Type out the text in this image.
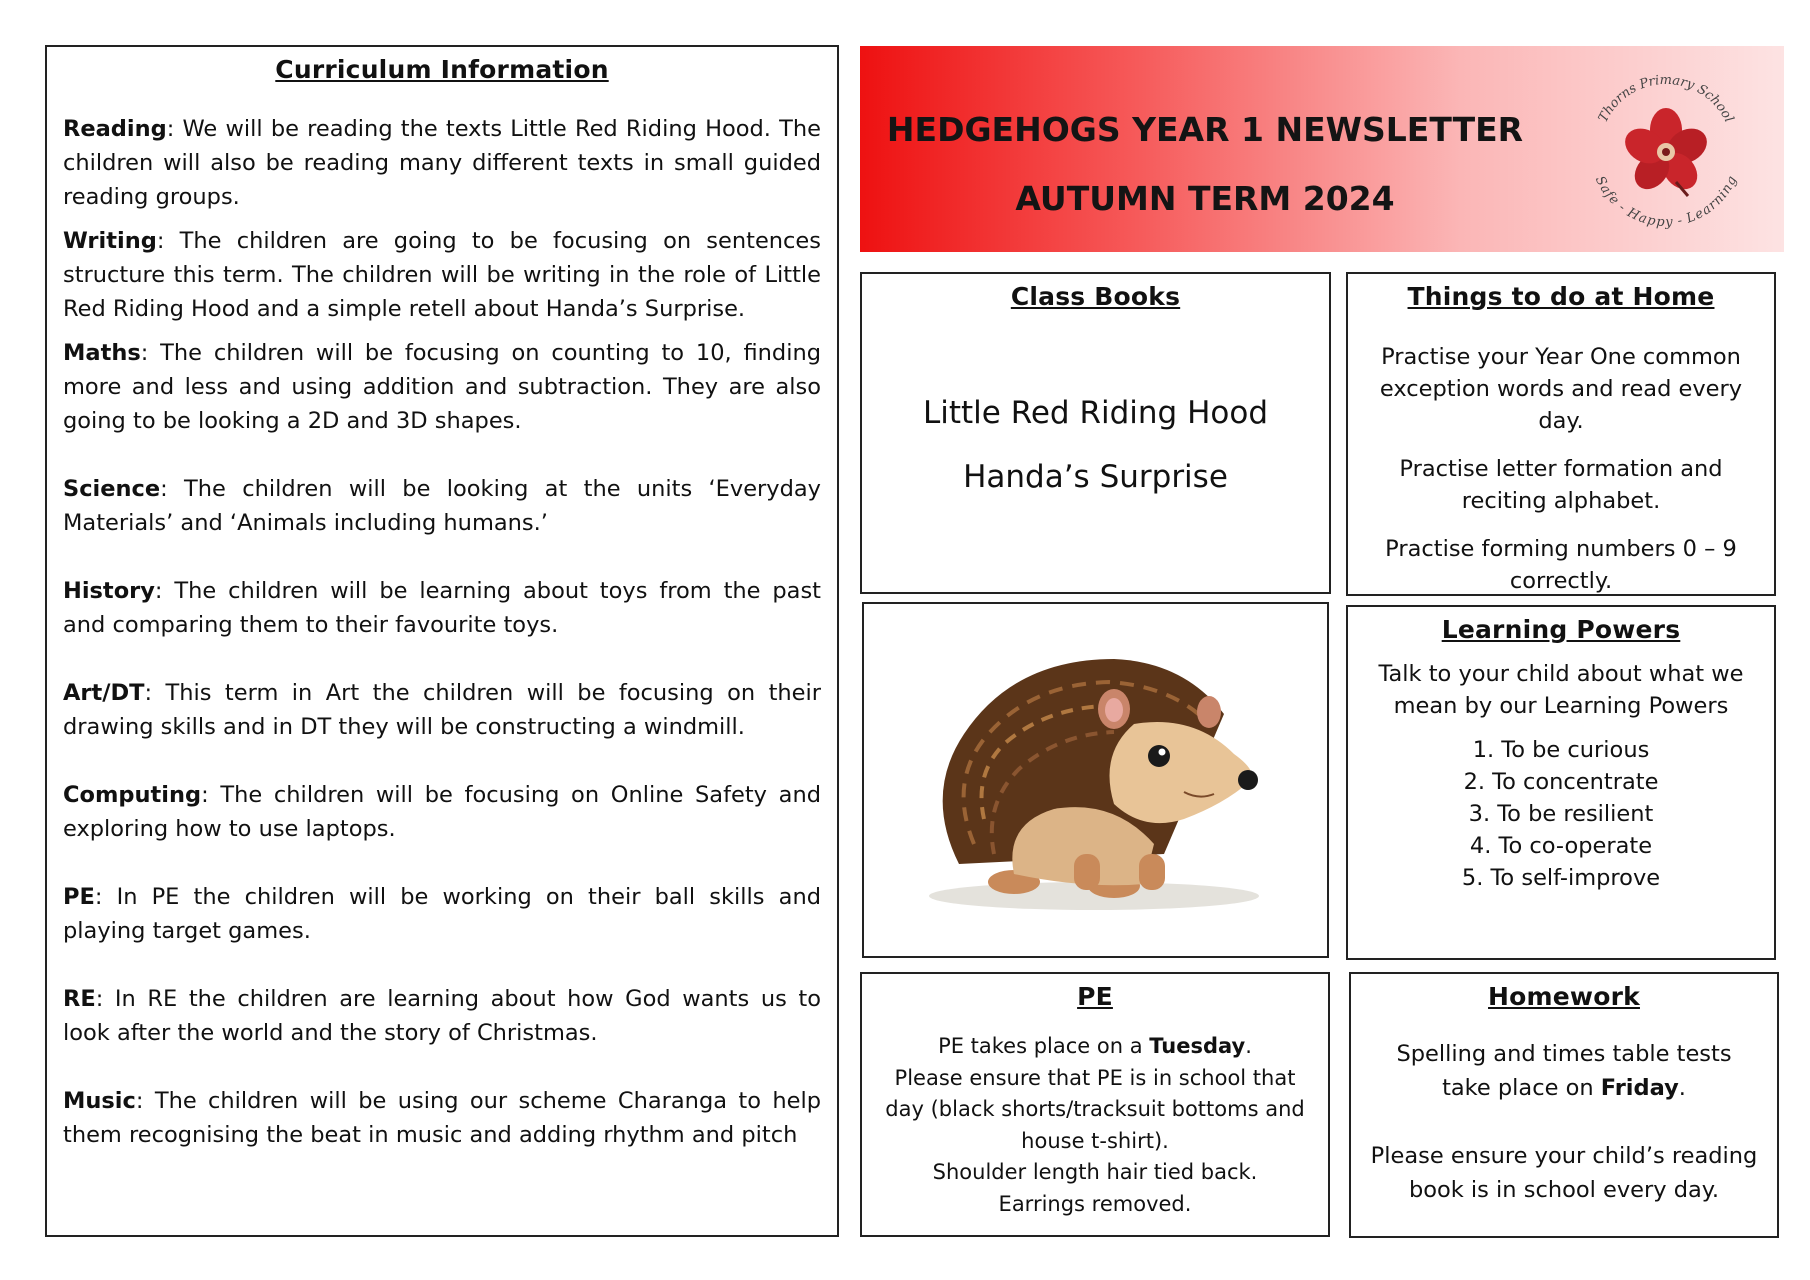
Curriculum Information
Reading: We will be reading the texts Little Red Riding Hood. The children will also be reading many different texts in small guided reading groups.
Writing: The children are going to be focusing on sentences structure this term. The children will be writing in the role of Little Red Riding Hood and a simple retell about Handa’s Surprise.
Maths: The children will be focusing on counting to 10, finding more and less and using addition and subtraction. They are also going to be looking a 2D and 3D shapes.
Science: The children will be looking at the units ‘Everyday Materials’ and ‘Animals including humans.’
History: The children will be learning about toys from the past and comparing them to their favourite toys.
Art/DT: This term in Art the children will be focusing on their drawing skills and in DT they will be constructing a windmill.
Computing: The children will be focusing on Online Safety and exploring how to use laptops.
PE: In PE the children will be working on their ball skills and playing target games.
RE: In RE the children are learning about how God wants us to look after the world and the story of Christmas.
Music: The children will be using our scheme Charanga to help them recognising the beat in music and adding rhythm and pitch
HEDGEHOGS YEAR 1 NEWSLETTER
AUTUMN TERM 2024
Thorns Primary School
Safe - Happy - Learning
Class Books
Little Red Riding Hood
Handa’s Surprise
Things to do at Home

Practise your Year One common exception words and read every day.

Practise letter formation and reciting alphabet.

Practise forming numbers 0 – 9 correctly.

Learning Powers
Talk to your child about what we mean by our Learning Powers
1. To be curious
2. To concentrate
3. To be resilient
4. To co-operate
5. To self-improve
PE
PE takes place on a Tuesday.
Please ensure that PE is in school that day (black shorts/tracksuit bottoms and house t-shirt).
Shoulder length hair tied back.
Earrings removed.
Homework

Spelling and times table tests take place on Friday.

Please ensure your child’s reading book is in school every day.
